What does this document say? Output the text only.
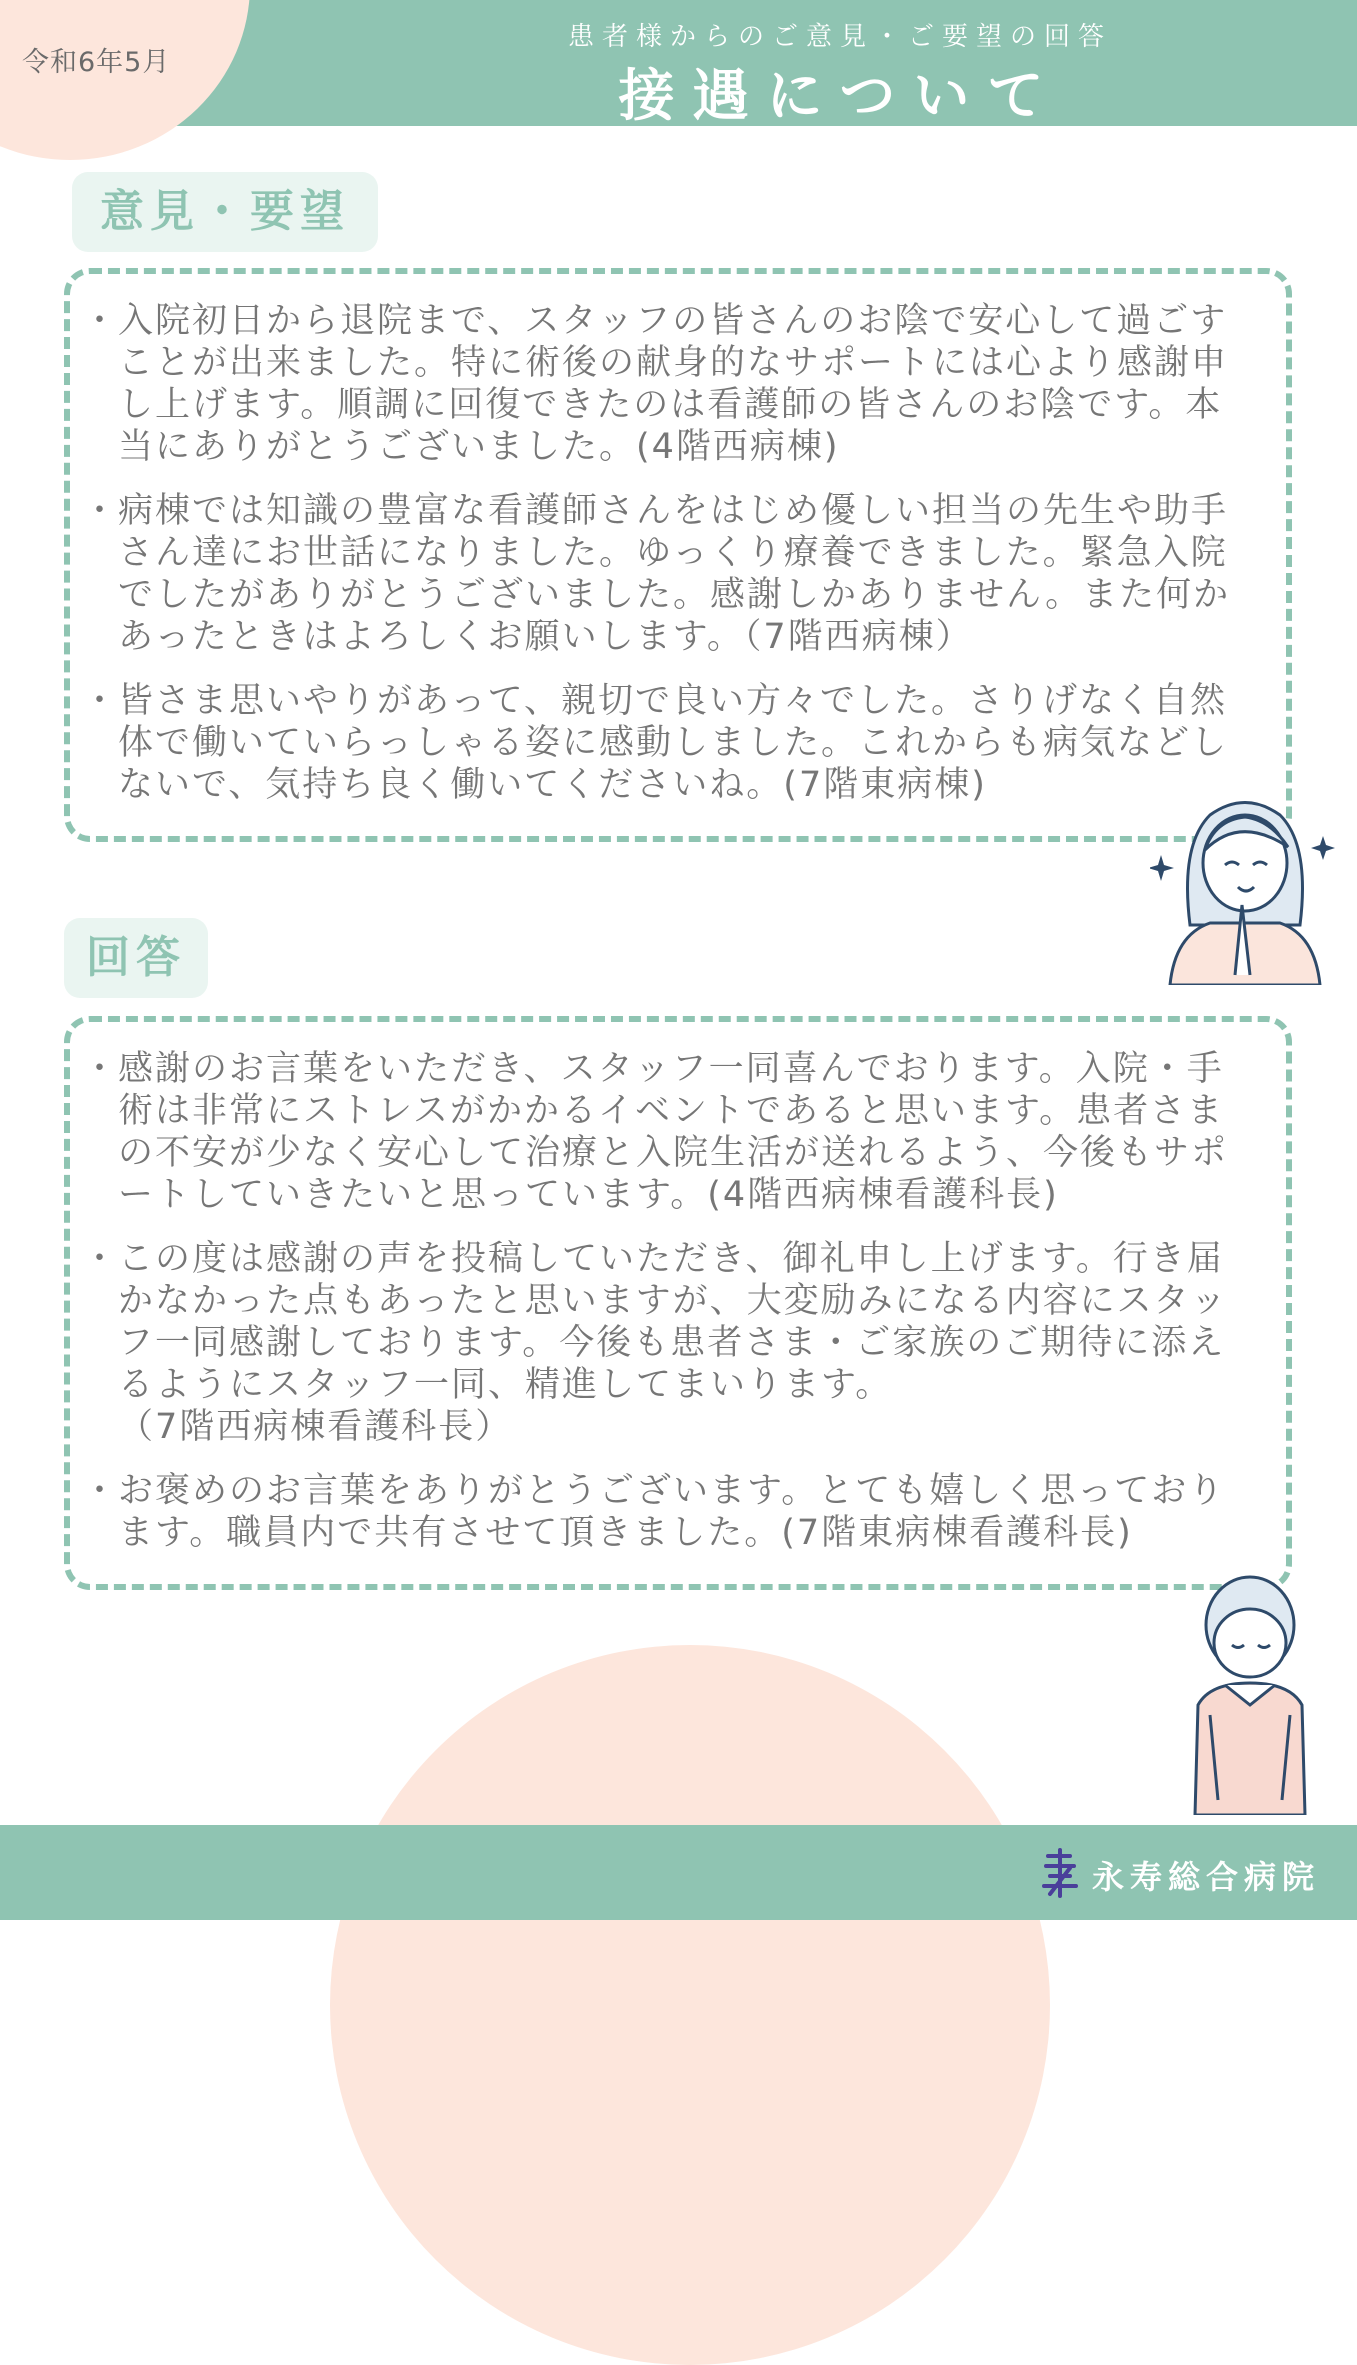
令和6年5月
患者様からのご意見・ご要望の回答
接遇について
意見・要望
・ 入院初日から退院まで、スタッフの皆さんのお陰で安心して過ごすことが出来ました。特に術後の献身的なサポートには心より感謝申し上げます。順調に回復できたのは看護師の皆さんのお陰です。本当にありがとうございました。(4階西病棟)
・ 病棟では知識の豊富な看護師さんをはじめ優しい担当の先生や助手さん達にお世話になりました。ゆっくり療養できました。緊急入院でしたがありがとうございました。感謝しかありません。また何かあったときはよろしくお願いします。（7階西病棟）
・ 皆さま思いやりがあって、親切で良い方々でした。さりげなく自然体で働いていらっしゃる姿に感動しました。これからも病気などしないで、気持ち良く働いてくださいね。(7階東病棟)
回答
・ 感謝のお言葉をいただき、スタッフ一同喜んでおります。入院・手術は非常にストレスがかかるイベントであると思います。患者さまの不安が少なく安心して治療と入院生活が送れるよう、今後もサポートしていきたいと思っています。(4階西病棟看護科長)
・ この度は感謝の声を投稿していただき、御礼申し上げます。行き届かなかった点もあったと思いますが、大変励みになる内容にスタッフ一同感謝しております。今後も患者さま・ご家族のご期待に添えるようにスタッフ一同、精進してまいります。
（7階西病棟看護科長）
・ お褒めのお言葉をありがとうございます。とても嬉しく思っております。職員内で共有させて頂きました。(7階東病棟看護科長)
永寿総合病院
